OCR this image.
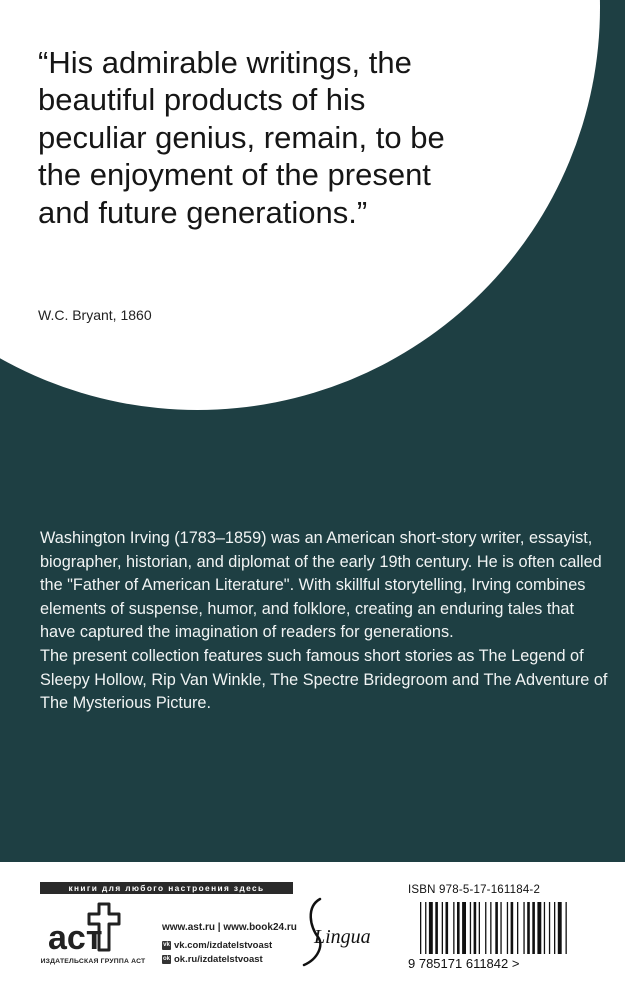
“His admirable writings, the beautiful products of his peculiar genius, remain, to be the enjoyment of the present and future generations.”

W.C. Bryant, 1860

Washington Irving (1783–1859) was an American short-story writer, essayist, biographer, historian, and diplomat of the early 19th century. He is often called the "Father of American Literature". With skillful storytelling, Irving combines elements of suspense, humor, and folklore, creating an enduring tales that have captured the imagination of readers for generations.

The present collection features such famous short stories as The Legend of Sleepy Hollow, Rip Van Winkle, The Spectre Bridegroom and The Adventure of The Mysterious Picture.

книги для любого настроения здесь
аст
ИЗДАТЕЛЬСКАЯ ГРУППА АСТ
www.ast.ru | www.book24.ru
vk vk.com/izdatelstvoast
ok ok.ru/izdatelstvoast
Lingua
ISBN 978-5-17-161184-2
9 785171 611842 >
